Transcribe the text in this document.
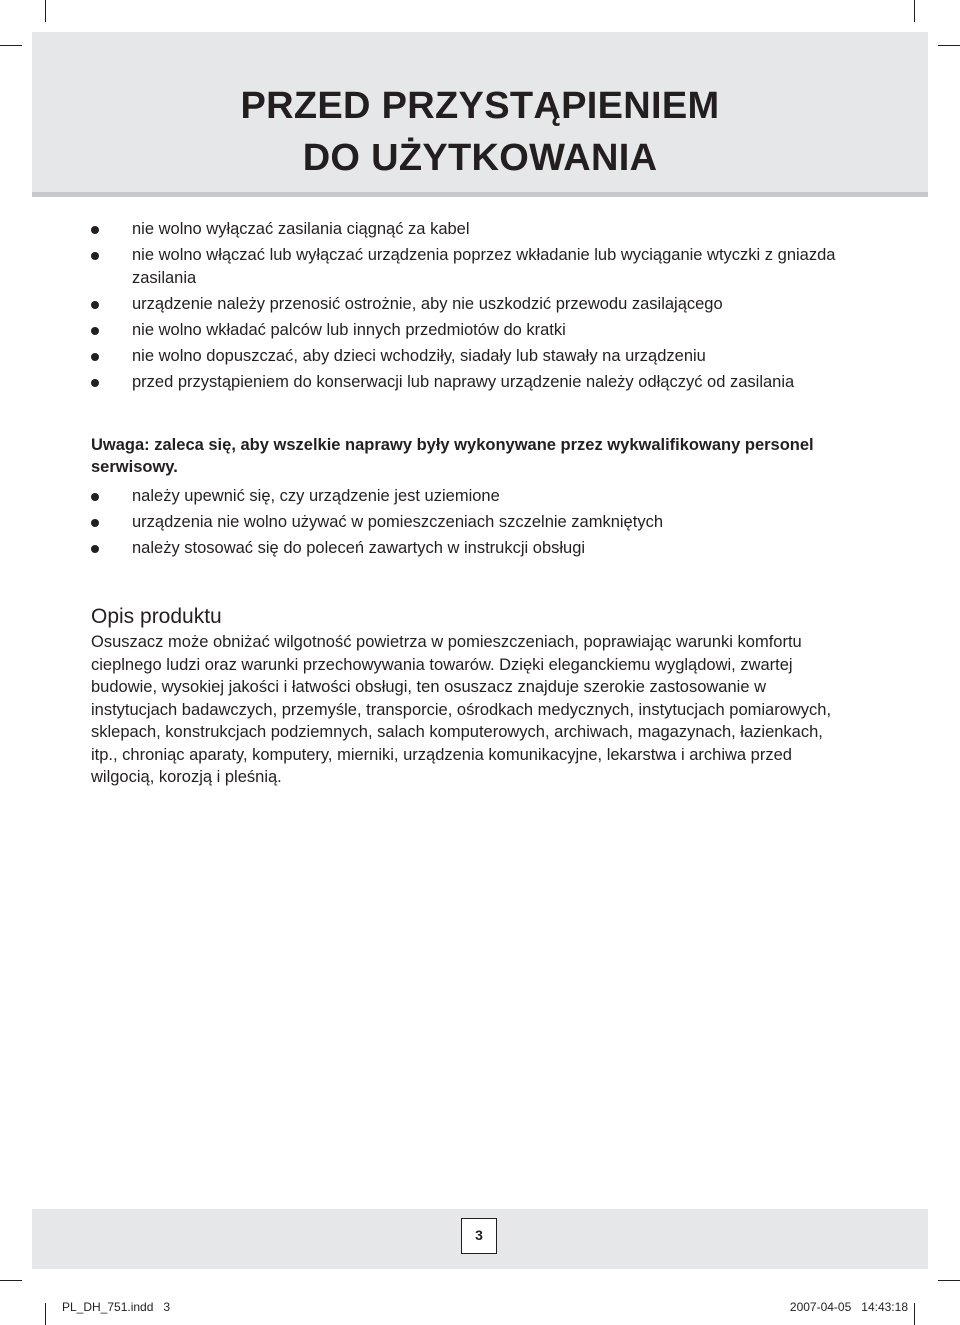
PRZED PRZYSTĄPIENIEM
DO UŻYTKOWANIA
nie wolno wyłączać zasilania ciągnąć za kabel
nie wolno włączać lub wyłączać urządzenia poprzez wkładanie lub wyciąganie wtyczki z gniazda zasilania
urządzenie należy przenosić ostrożnie, aby nie uszkodzić przewodu zasilającego
nie wolno wkładać palców lub innych przedmiotów do kratki
nie wolno dopuszczać, aby dzieci wchodziły, siadały lub stawały na urządzeniu
przed przystąpieniem do konserwacji lub naprawy urządzenie należy odłączyć od zasilania
Uwaga: zaleca się, aby wszelkie naprawy były wykonywane przez wykwalifikowany personel serwisowy.
należy upewnić się, czy urządzenie jest uziemione
urządzenia nie wolno używać w pomieszczeniach szczelnie zamkniętych
należy stosować się do poleceń zawartych w instrukcji obsługi
Opis produktu

Osuszacz może obniżać wilgotność powietrza w pomieszczeniach, poprawiając warunki komfortu cieplnego ludzi oraz warunki przechowywania towarów. Dzięki eleganckiemu wyglądowi, zwartej budowie, wysokiej jakości i łatwości obsługi, ten osuszacz znajduje szerokie zastosowanie w instytucjach badawczych, przemyśle, transporcie, ośrodkach medycznych, instytucjach pomiarowych, sklepach, konstrukcjach podziemnych, salach komputerowych, archiwach, magazynach, łazienkach, itp., chroniąc aparaty, komputery, mierniki, urządzenia komunikacyjne, lekarstwa i archiwa przed wilgocią, korozją i pleśnią.

3
PL_DH_751.indd   3	2007-04-05   14:43:18
